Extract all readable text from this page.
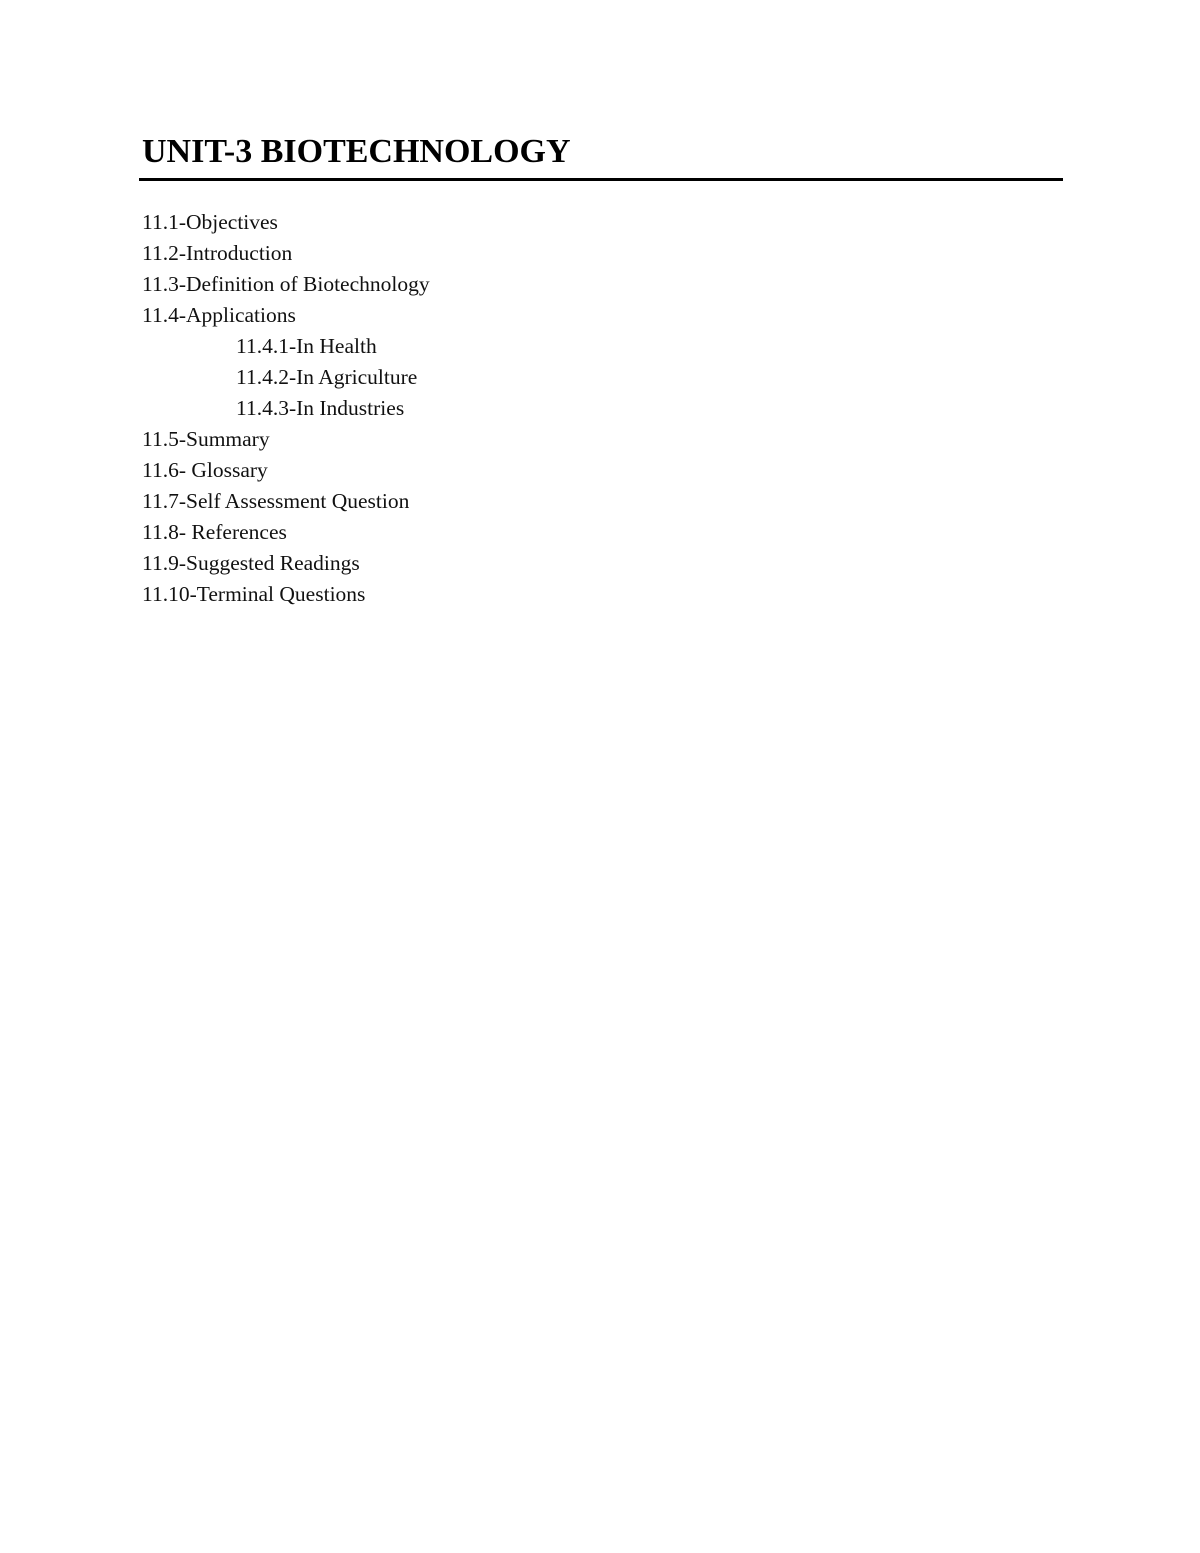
UNIT-3 BIOTECHNOLOGY
11.1-Objectives
11.2-Introduction
11.3-Definition of Biotechnology
11.4-Applications
11.4.1-In Health
11.4.2-In Agriculture
11.4.3-In Industries
11.5-Summary
11.6- Glossary
11.7-Self Assessment Question
11.8- References
11.9-Suggested Readings
11.10-Terminal Questions
